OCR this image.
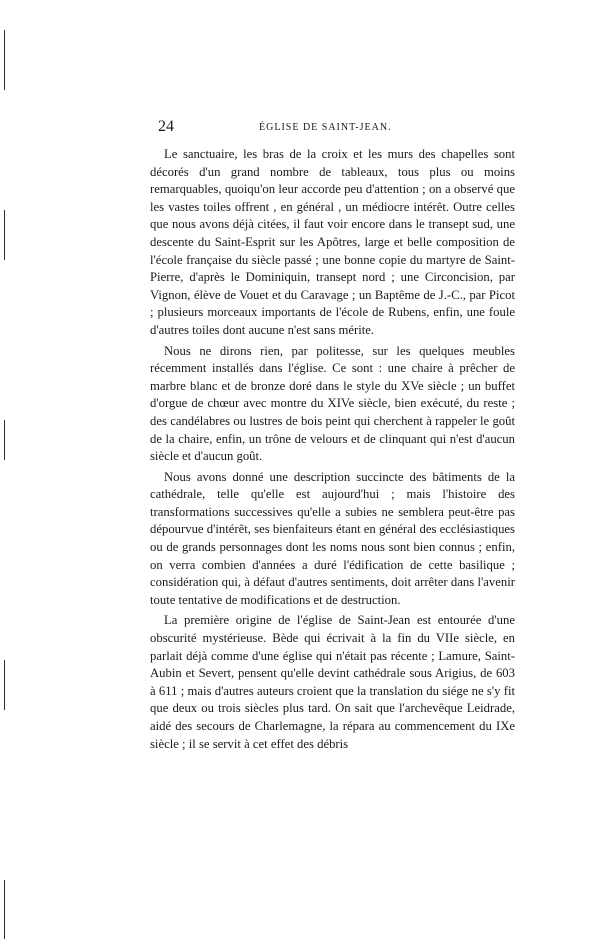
24	ÉGLISE DE SAINT-JEAN.

Le sanctuaire, les bras de la croix et les murs des chapelles sont décorés d'un grand nombre de tableaux, tous plus ou moins remarquables, quoiqu'on leur accorde peu d'attention ; on a observé que les vastes toiles offrent , en général , un médiocre intérêt. Outre celles que nous avons déjà citées, il faut voir encore dans le transept sud, une descente du Saint-Esprit sur les Apôtres, large et belle composition de l'école française du siècle passé ; une bonne copie du martyre de Saint-Pierre, d'après le Dominiquin, transept nord ; une Circoncision, par Vignon, élève de Vouet et du Caravage ; un Baptême de J.-C., par Picot ; plusieurs morceaux importants de l'école de Rubens, enfin, une foule d'autres toiles dont aucune n'est sans mérite.

Nous ne dirons rien, par politesse, sur les quelques meubles récemment installés dans l'église. Ce sont : une chaire à prêcher de marbre blanc et de bronze doré dans le style du XVe siècle ; un buffet d'orgue de chœur avec montre du XIVe siècle, bien exécuté, du reste ; des candélabres ou lustres de bois peint qui cherchent à rappeler le goût de la chaire, enfin, un trône de velours et de clinquant qui n'est d'aucun siècle et d'aucun goût.

Nous avons donné une description succincte des bâtiments de la cathédrale, telle qu'elle est aujourd'hui ; mais l'histoire des transformations successives qu'elle a subies ne semblera peut-être pas dépourvue d'intérêt, ses bienfaiteurs étant en général des ecclésiastiques ou de grands personnages dont les noms nous sont bien connus ; enfin, on verra combien d'années a duré l'édification de cette basilique ; considération qui, à défaut d'autres sentiments, doit arrêter dans l'avenir toute tentative de modifications et de destruction.

La première origine de l'église de Saint-Jean est entourée d'une obscurité mystérieuse. Bède qui écrivait à la fin du VIIe siècle, en parlait déjà comme d'une église qui n'était pas récente ; Lamure, Saint-Aubin et Severt, pensent qu'elle devint cathédrale sous Arigius, de 603 à 611 ; mais d'autres auteurs croient que la translation du siége ne s'y fit que deux ou trois siècles plus tard. On sait que l'archevêque Leidrade, aidé des secours de Charlemagne, la répara au commencement du IXe siècle ; il se servit à cet effet des débris
